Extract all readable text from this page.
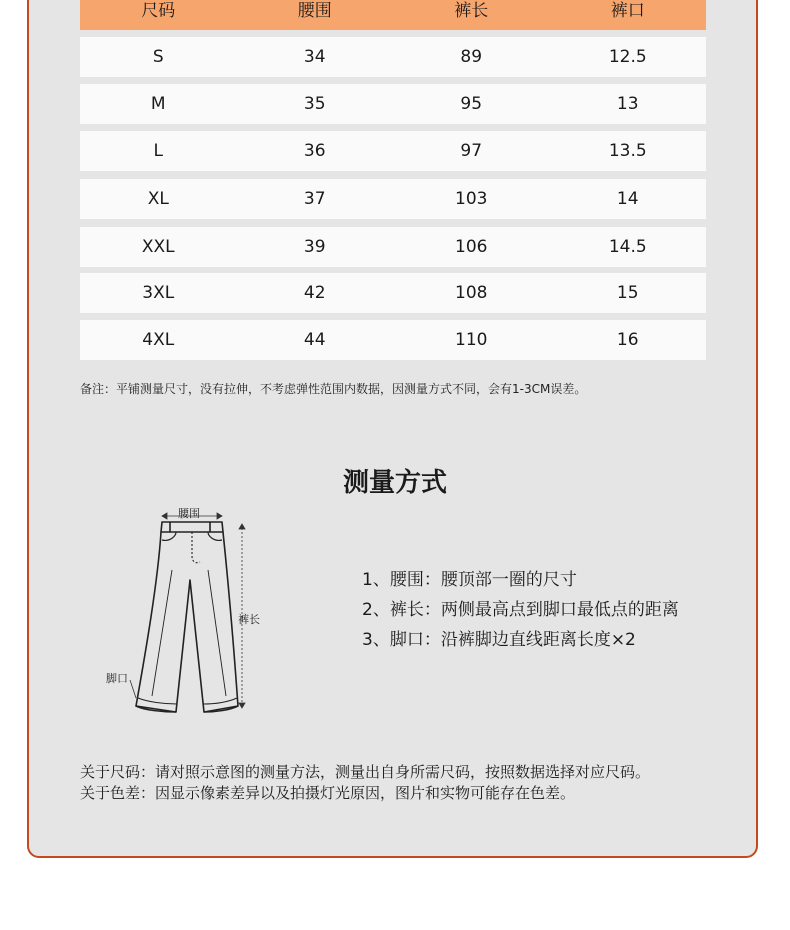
尺码	腰围	裤长	裤口
S	34	89	12.5
M	35	95	13
L	36	97	13.5
XL	37	103	14
XXL	39	106	14.5
3XL	42	108	15
4XL	44	110	16
备注：平铺测量尺寸，没有拉伸，不考虑弹性范围内数据，因测量方式不同，会有1-3CM误差。
测量方式
腰围
裤长
脚口
1、腰围：腰顶部一圈的尺寸
2、裤长：两侧最高点到脚口最低点的距离
3、脚口：沿裤脚边直线距离长度×2
关于尺码：请对照示意图的测量方法，测量出自身所需尺码，按照数据选择对应尺码。
关于色差：因显示像素差异以及拍摄灯光原因，图片和实物可能存在色差。
